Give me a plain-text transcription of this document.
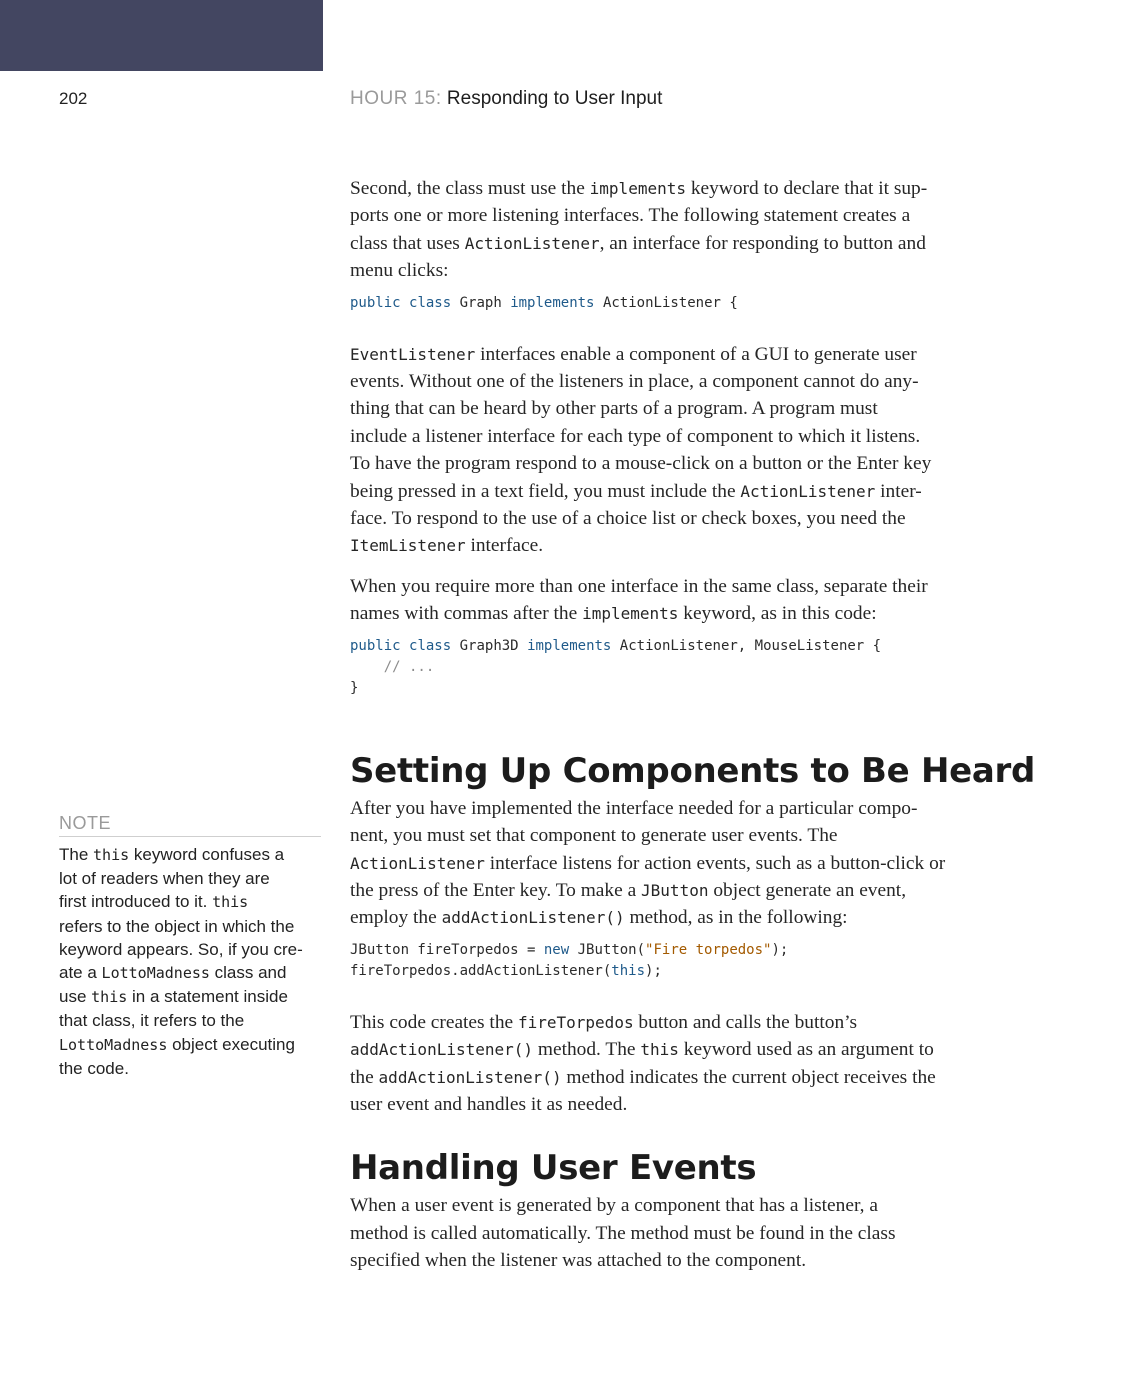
202	HOUR 15: Responding to User Input

Second, the class must use the implements keyword to declare that it sup-
ports one or more listening interfaces. The following statement creates a
class that uses ActionListener, an interface for responding to button and
menu clicks:

public class Graph implements ActionListener {

EventListener interfaces enable a component of a GUI to generate user
events. Without one of the listeners in place, a component cannot do any-
thing that can be heard by other parts of a program. A program must
include a listener interface for each type of component to which it listens.
To have the program respond to a mouse-click on a button or the Enter key
being pressed in a text field, you must include the ActionListener inter-
face. To respond to the use of a choice list or check boxes, you need the
ItemListener interface.

When you require more than one interface in the same class, separate their
names with commas after the implements keyword, as in this code:

public class Graph3D implements ActionListener, MouseListener {
// ...
}
Setting Up Components to Be Heard

After you have implemented the interface needed for a particular compo-
nent, you must set that component to generate user events. The
ActionListener interface listens for action events, such as a button-click or
the press of the Enter key. To make a JButton object generate an event,
employ the addActionListener() method, as in the following:

JButton fireTorpedos = new JButton("Fire torpedos");
fireTorpedos.addActionListener(this);

This code creates the fireTorpedos button and calls the button’s
addActionListener() method. The this keyword used as an argument to
the addActionListener() method indicates the current object receives the
user event and handles it as needed.

Handling User Events

When a user event is generated by a component that has a listener, a
method is called automatically. The method must be found in the class
specified when the listener was attached to the component.

NOTE
The this keyword confuses a
lot of readers when they are
first introduced to it. this
refers to the object in which the
keyword appears. So, if you cre-
ate a LottoMadness class and
use this in a statement inside
that class, it refers to the
LottoMadness object executing
the code.
